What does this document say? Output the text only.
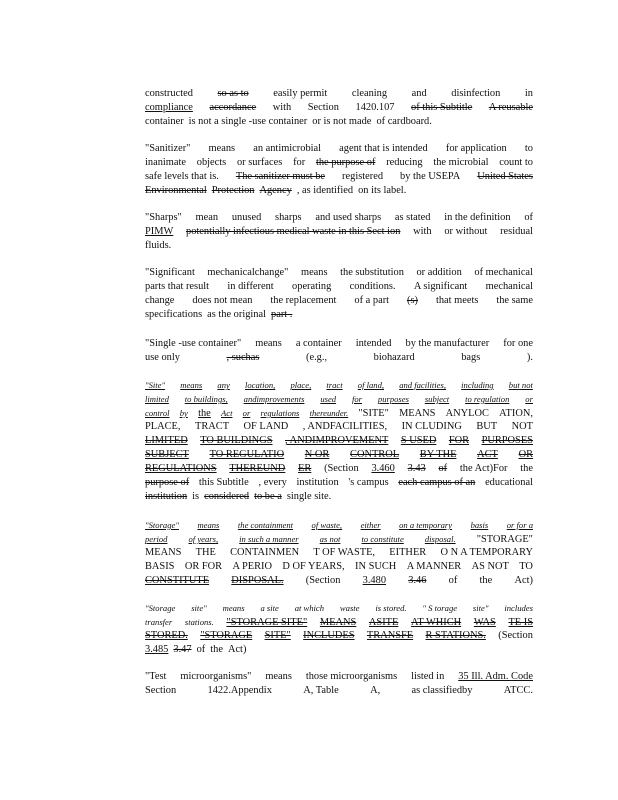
constructed so as to easily permit cleaning and disinfection in
compliance accordance with Section 1420.107 of this Subtitle A reusable
container is not a single -use container or is not made of cardboard.
"Sanitizer" means an antimicrobial agent that is intended for application to
inanimate objects or surfaces for the purpose of reducing the microbial count to
safe levels that is. The sanitizer must be registered by the USEPA United States
Environmental Protection Agency , as identified on its label.
"Sharps" mean unused sharps and used sharps as stated in the definition of
PIMW potentially infectious medical waste in this Sect ion with or without residual
fluids.
"Significant mechanicalchange" means the substitution or addition of mechanical
parts that result in different operating conditions. A significant mechanical
change does not mean the replacement of a part (s) that meets the same
specifications as the original part .
"Single -use container" means a container intended by the manufacturer for one
use only	, suchas	(e.g.,	biohazard	bags	).
"Site" means any location, place, tract of land, and facilities, including but not
limited to buildings, andimprovements used for purposes subject to regulation or
control by the Act or regulations thereunder. "SITE" MEANS ANYLOC ATION,
PLACE, TRACT OF LAND , ANDFACILITIES, IN CLUDING BUT NOT
LIMITED TO BUILDINGS , ANDIMPROVEMENT S USED FOR PURPOSES
SUBJECT TO REGULATIO N OR CONTROL BY THE ACT OR
REGULATIONS THEREUND ER (Section 3.460 3.43 of the Act)For the
purpose of this Subtitle , every institution 's campus each campus of an educational
institution is considered to be a single site.
"Storage" means the containment of waste, either on a temporary basis or for a
period of years, in such a manner as not to constitute disposal. "STORAGE"
MEANS THE CONTAINMEN T OF WASTE, EITHER O N A TEMPORARY
BASIS OR FOR A PERIO D OF YEARS, IN SUCH A MANNER AS NOT TO
CONSTITUTE DISPOSAL. (Section 3.480 3.46 of the Act)
"Storage site" means a site at which waste is stored. " S torage site" includes
transfer stations. "STORAGE SITE" MEANS ASITE AT WHICH WAS TE IS
STORED. "STORAGE SITE" INCLUDES TRANSFE R STATIONS. (Section
3.485 3.47 of the Act)
"Test microorganisms" means those microorganisms listed in 35 Ill. Adm. Code
Section	1422.Appendix	A, Table	A,	as classifiedby	ATCC.
